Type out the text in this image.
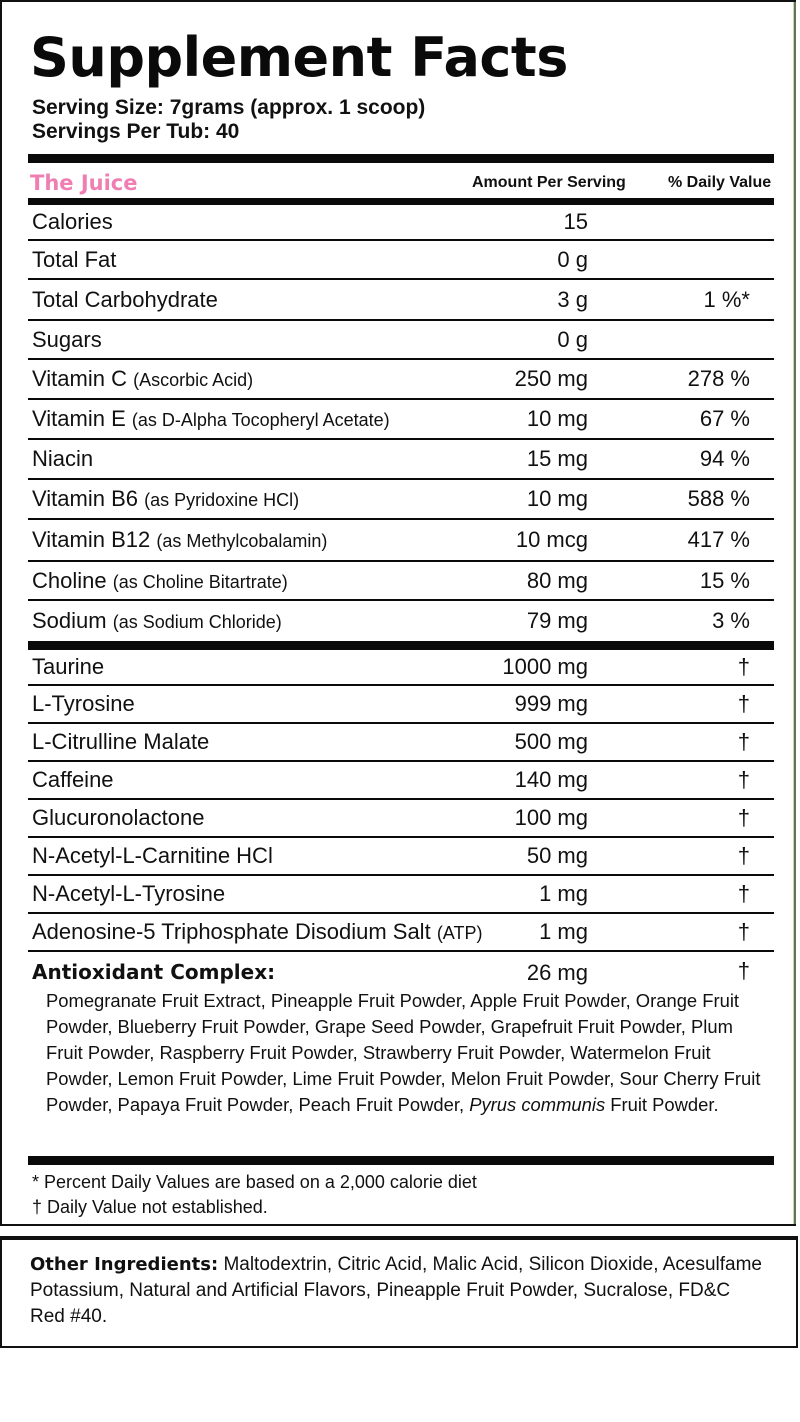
Supplement Facts
Serving Size: 7grams (approx. 1 scoop)
Servings Per Tub: 40
The Juice	Amount Per Serving	% Daily Value
Calories	15
Total Fat	0 g
Total Carbohydrate	3 g	1 %*
Sugars	0 g
Vitamin C (Ascorbic Acid)	250 mg	278 %
Vitamin E (as D-Alpha Tocopheryl Acetate)	10 mg	67 %
Niacin	15 mg	94 %
Vitamin B6 (as Pyridoxine HCl)	10 mg	588 %
Vitamin B12 (as Methylcobalamin)	10 mcg	417 %
Choline (as Choline Bitartrate)	80 mg	15 %
Sodium (as Sodium Chloride)	79 mg	3 %
Taurine	1000 mg	†
L-Tyrosine	999 mg	†
L-Citrulline Malate	500 mg	†
Caffeine	140 mg	†
Glucuronolactone	100 mg	†
N-Acetyl-L-Carnitine HCl	50 mg	†
N-Acetyl-L-Tyrosine	1 mg	†
Adenosine-5 Triphosphate Disodium Salt (ATP)	1 mg	†
Antioxidant Complex:	26 mg	†
Pomegranate Fruit Extract, Pineapple Fruit Powder, Apple Fruit Powder, Orange Fruit Powder, Blueberry Fruit Powder, Grape Seed Powder, Grapefruit Fruit Powder, Plum Fruit Powder, Raspberry Fruit Powder, Strawberry Fruit Powder, Watermelon Fruit Powder, Lemon Fruit Powder, Lime Fruit Powder, Melon Fruit Powder, Sour Cherry Fruit Powder, Papaya Fruit Powder, Peach Fruit Powder, Pyrus communis Fruit Powder.
* Percent Daily Values are based on a 2,000 calorie diet
† Daily Value not established.
Other Ingredients: Maltodextrin, Citric Acid, Malic Acid, Silicon Dioxide, Acesulfame Potassium, Natural and Artificial Flavors, Pineapple Fruit Powder, Sucralose, FD&C Red #40.
